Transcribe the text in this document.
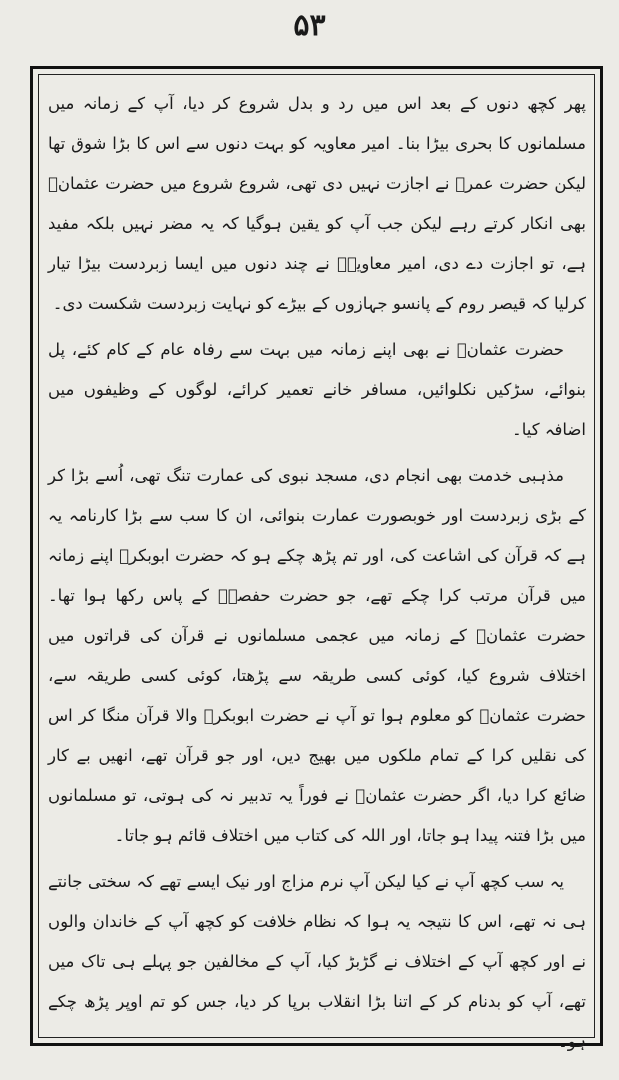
۵۳

پھر کچھ دنوں کے بعد اس میں رد و بدل شروع کر دیا، آپ کے زمانہ میں مسلمانوں کا بحری بیڑا بنا۔ امیر معاویہ کو بہت دنوں سے اس کا بڑا شوق تھا لیکن حضرت عمرؓ نے اجازت نہیں دی تھی، شروع شروع میں حضرت عثمانؓ بھی انکار کرتے رہے لیکن جب آپ کو یقین ہوگیا کہ یہ مضر نہیں بلکہ مفید ہے، تو اجازت دے دی، امیر معاویہؓ نے چند دنوں میں ایسا زبردست بیڑا تیار کرلیا کہ قیصر روم کے پانسو جہازوں کے بیڑے کو نہایت زبردست شکست دی۔

حضرت عثمانؓ نے بھی اپنے زمانہ میں بہت سے رفاہ عام کے کام کئے، پل بنوائے، سڑکیں نکلوائیں، مسافر خانے تعمیر کرائے، لوگوں کے وظیفوں میں اضافہ کیا۔

مذہبی خدمت بھی انجام دی، مسجد نبوی کی عمارت تنگ تھی، اُسے بڑا کر کے بڑی زبردست اور خوبصورت عمارت بنوائی، ان کا سب سے بڑا کارنامہ یہ ہے کہ قرآن کی اشاعت کی، اور تم پڑھ چکے ہو کہ حضرت ابوبکرؓ اپنے زمانہ میں قرآن مرتب کرا چکے تھے، جو حضرت حفصہؓ کے پاس رکھا ہوا تھا۔ حضرت عثمانؓ کے زمانہ میں عجمی مسلمانوں نے قرآن کی قراتوں میں اختلاف شروع کیا، کوئی کسی طریقہ سے پڑھتا، کوئی کسی طریقہ سے، حضرت عثمانؓ کو معلوم ہوا تو آپ نے حضرت ابوبکرؓ والا قرآن منگا کر اس کی نقلیں کرا کے تمام ملکوں میں بھیج دیں، اور جو قرآن تھے، انھیں بے کار ضائع کرا دیا، اگر حضرت عثمانؓ نے فوراً یہ تدبیر نہ کی ہوتی، تو مسلمانوں میں بڑا فتنہ پیدا ہو جاتا، اور اللہ کی کتاب میں اختلاف قائم ہو جاتا۔

یہ سب کچھ آپ نے کیا لیکن آپ نرم مزاج اور نیک ایسے تھے کہ سختی جانتے ہی نہ تھے، اس کا نتیجہ یہ ہوا کہ نظام خلافت کو کچھ آپ کے خاندان والوں نے اور کچھ آپ کے اختلاف نے گڑبڑ کیا، آپ کے مخالفین جو پہلے ہی تاک میں تھے، آپ کو بدنام کر کے اتنا بڑا انقلاب برپا کر دیا، جس کو تم اوپر پڑھ چکے ہو۔
